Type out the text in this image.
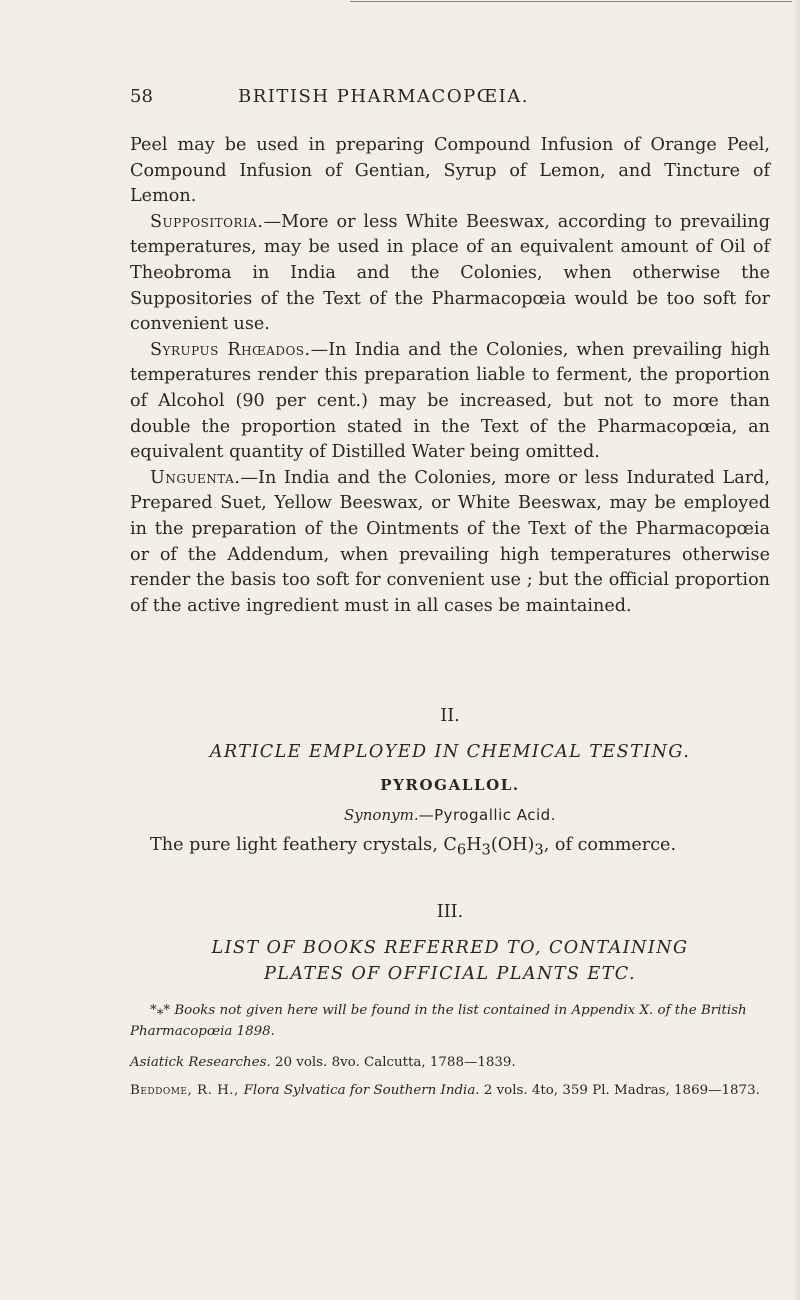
58	BRITISH PHARMACOPŒIA.

Peel may be used in preparing Compound Infusion of Orange Peel, Compound Infusion of Gentian, Syrup of Lemon, and Tincture of Lemon.

Suppositoria.—More or less White Beeswax, according to prevailing temperatures, may be used in place of an equivalent amount of Oil of Theobroma in India and the Colonies, when otherwise the Suppositories of the Text of the Pharmacopœia would be too soft for convenient use.

Syrupus Rhœados.—In India and the Colonies, when prevailing high temperatures render this preparation liable to ferment, the proportion of Alcohol (90 per cent.) may be increased, but not to more than double the proportion stated in the Text of the Pharmacopœia, an equivalent quantity of Distilled Water being omitted.

Unguenta.—In India and the Colonies, more or less Indurated Lard, Prepared Suet, Yellow Beeswax, or White Beeswax, may be employed in the preparation of the Ointments of the Text of the Pharmacopœia or of the Addendum, when prevailing high temperatures otherwise render the basis too soft for convenient use ; but the official proportion of the active ingredient must in all cases be maintained.

II.
ARTICLE EMPLOYED IN CHEMICAL TESTING.
PYROGALLOL.
Synonym.—Pyrogallic Acid.
The pure light feathery crystals, $C_6H_3(OH)_3$, of commerce.
III.
LIST OF BOOKS REFERRED TO, CONTAINING
PLATES OF OFFICIAL PLANTS ETC.
*⁎* Books not given here will be found in the list contained in Appendix X. of the British Pharmacopœia 1898.
Asiatick Researches. 20 vols. 8vo. Calcutta, 1788—1839.
Beddome, R. H., Flora Sylvatica for Southern India. 2 vols. 4to, 359 Pl. Madras, 1869—1873.
